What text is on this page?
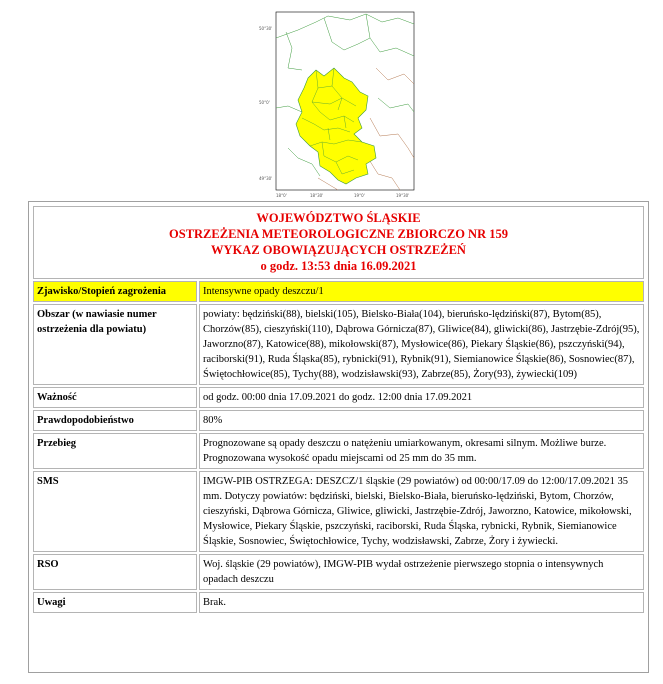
50°30'
50°0'
49°30'
18°0'	18°30'	19°0'	19°30'
WOJEWÓDZTWO ŚLĄSKIE
OSTRZEŻENIA METEOROLOGICZNE ZBIORCZO NR 159
WYKAZ OBOWIĄZUJĄCYCH OSTRZEŻEŃ
o godz. 13:53 dnia 16.09.2021	

Zjawisko/Stopień zagrożenia	Intensywne opady deszczu/1
Obszar (w nawiasie numer ostrzeżenia dla powiatu)	powiaty: będziński(88), bielski(105), Bielsko-Biała(104), bieruńsko-lędziński(87), Bytom(85), Chorzów(85), cieszyński(110), Dąbrowa Górnicza(87), Gliwice(84), gliwicki(86), Jastrzębie-Zdrój(95), Jaworzno(87), Katowice(88), mikołowski(87), Mysłowice(86), Piekary Śląskie(86), pszczyński(94), raciborski(91), Ruda Śląska(85), rybnicki(91), Rybnik(91), Siemianowice Śląskie(86), Sosnowiec(87), Świętochłowice(85), Tychy(88), wodzisławski(93), Zabrze(85), Żory(93), żywiecki(109)
Ważność	od godz. 00:00 dnia 17.09.2021 do godz. 12:00 dnia 17.09.2021
Prawdopodobieństwo	80%
Przebieg	Prognozowane są opady deszczu o natężeniu umiarkowanym, okresami silnym. Możliwe burze. Prognozowana wysokość opadu miejscami od 25 mm do 35 mm.
SMS	IMGW-PIB OSTRZEGA: DESZCZ/1 śląskie (29 powiatów) od 00:00/17.09 do 12:00/17.09.2021 35 mm. Dotyczy powiatów: będziński, bielski, Bielsko-Biała, bieruńsko-lędziński, Bytom, Chorzów, cieszyński, Dąbrowa Górnicza, Gliwice, gliwicki, Jastrzębie-Zdrój, Jaworzno, Katowice, mikołowski, Mysłowice, Piekary Śląskie, pszczyński, raciborski, Ruda Śląska, rybnicki, Rybnik, Siemianowice Śląskie, Sosnowiec, Świętochłowice, Tychy, wodzisławski, Zabrze, Żory i żywiecki.
RSO	Woj. śląskie (29 powiatów), IMGW-PIB wydał ostrzeżenie pierwszego stopnia o intensywnych opadach deszczu
Uwagi	Brak.
